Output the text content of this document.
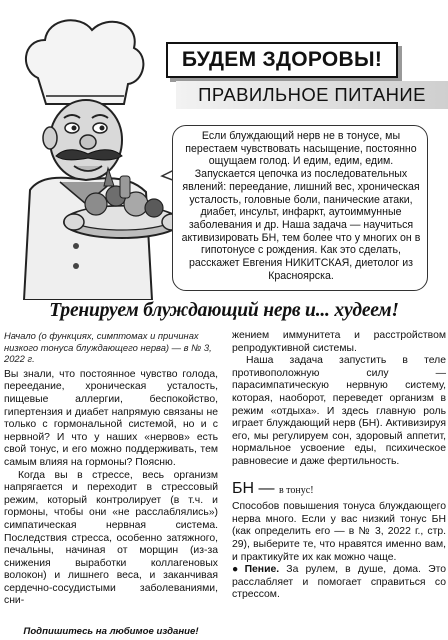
БУДЕМ ЗДОРОВЫ!
ПРАВИЛЬНОЕ ПИТАНИЕ
Если блуждающий нерв не в тонусе, мы перестаем чувствовать насыщение, постоянно ощущаем голод. И едим, едим, едим. Запускается цепочка из последовательных явлений: переедание, лишний вес, хроническая усталость, головные боли, панические атаки, диабет, инсульт, инфаркт, аутоиммунные заболевания и др. Наша задача — научиться активизировать БН, тем более что у многих он в гипотонусе с рождения. Как это сделать, расскажет Евгения НИКИТСКАЯ, диетолог из Красноярска.
Тренируем блуждающий нерв и... худеем!

Начало (о функциях, симптомах и причинах низкого тонуса блуждающего нерва) — в № 3, 2022 г.

Вы знали, что постоянное чувство голода, переедание, хроническая усталость, пищевые аллергии, беспокойство, гипертензия и диабет напрямую связаны не только с гормональной системой, но и с нервной? И что у наших «нервов» есть свой тонус, и его можно поддерживать, тем самым влияя на гормоны? Поясню.

Когда вы в стрессе, весь организм напрягается и переходит в стрессовый режим, который контролирует (в т.ч. и гормоны, чтобы они «не расслаблялись») симпатическая нервная система. Последствия стресса, особенно затяжного, печальны, начиная от морщин (из-за снижения выработки коллагеновых волокон) и лишнего веса, и заканчивая сердечно-сосудистыми заболеваниями, сни-

Подпишитесь на любимое издание!

жением иммунитета и расстройством репродуктивной системы.

Наша задача запустить в теле противоположную силу — парасимпатическую нервную систему, которая, наоборот, переведет организм в режим «отдыха». И здесь главную роль играет блуждающий нерв (БН). Активизируя его, мы регулируем сон, здоровый аппетит, нормальное усвоение еды, психическое равновесие и даже фертильность.

БН — в тонус!

Способов повышения тонуса блуждающего нерва много. Если у вас низкий тонус БН (как определить его — в № 3, 2022 г., стр. 29), выберите те, что нравятся именно вам, и практикуйте их как можно чаще.

● Пение. За рулем, в душе, дома. Это расслабляет и помогает справиться со стрессом.
